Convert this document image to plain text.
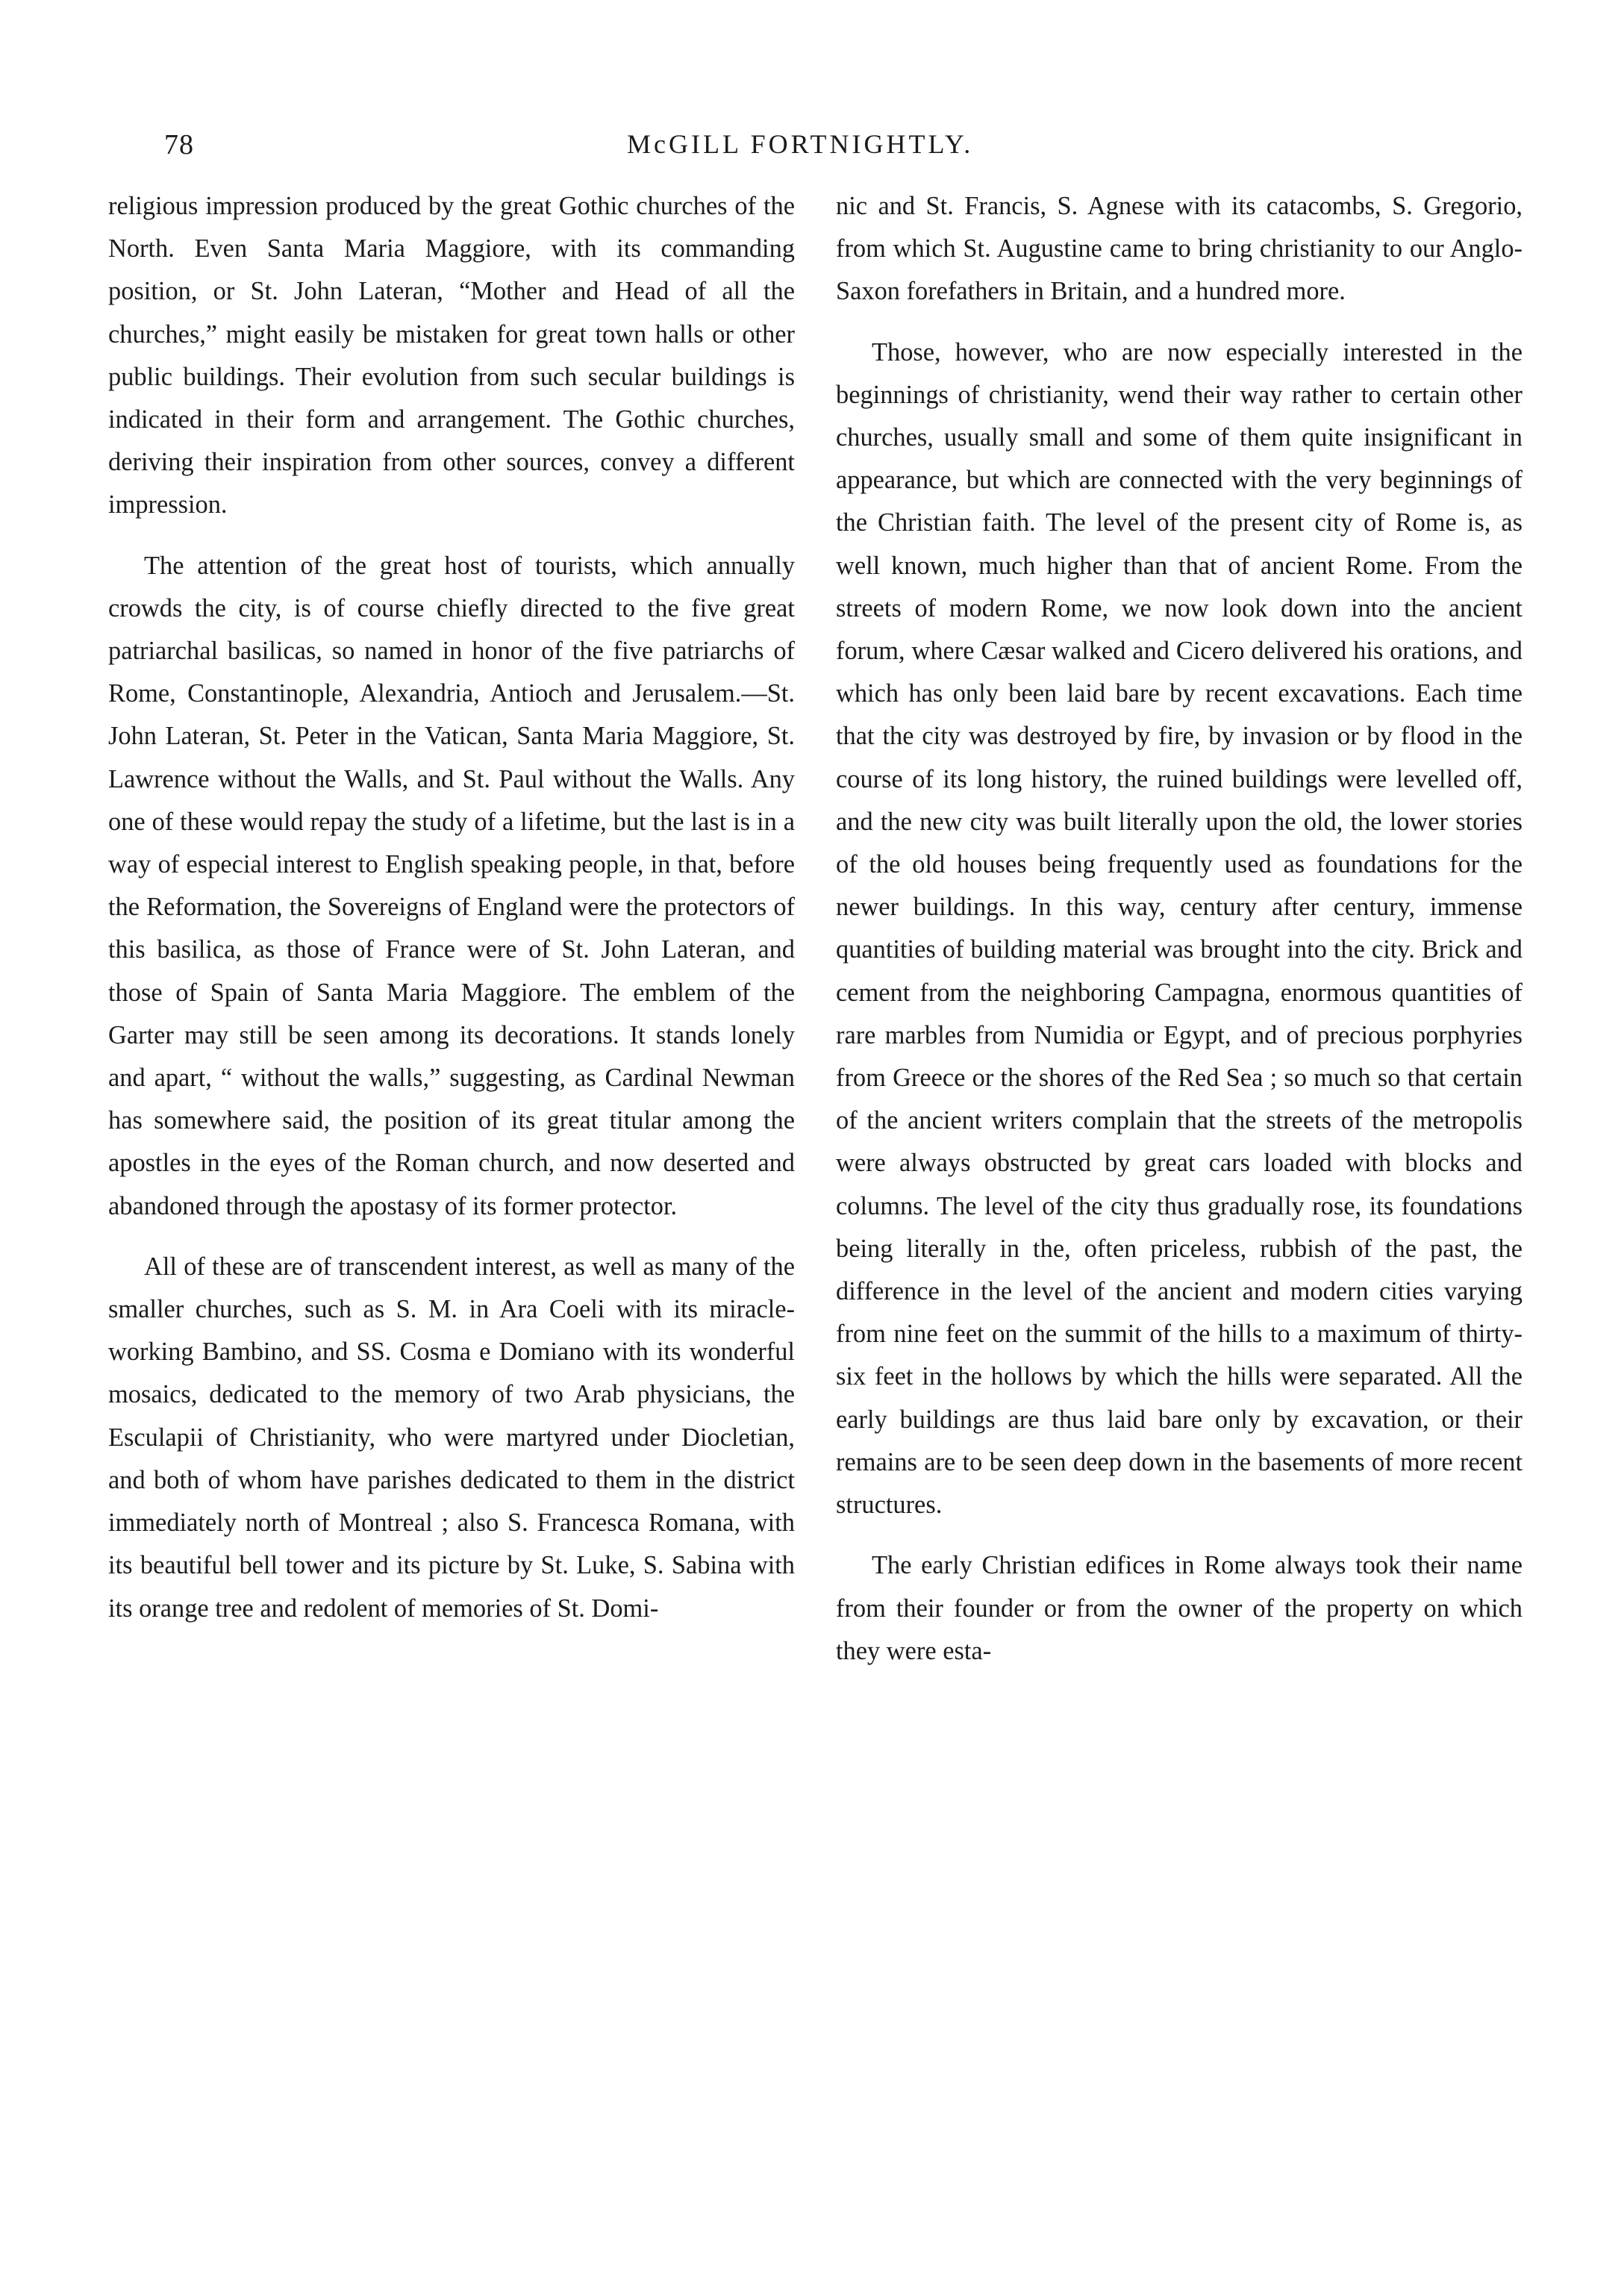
78	McGILL FORTNIGHTLY.

religious impression produced by the great Gothic churches of the North. Even Santa Maria Maggiore, with its commanding position, or St. John Lateran, “Mother and Head of all the churches,” might easily be mistaken for great town halls or other public buildings. Their evolution from such secular buildings is indicated in their form and arrangement. The Gothic churches, deriving their inspiration from other sources, convey a different impression.

The attention of the great host of tourists, which annually crowds the city, is of course chiefly directed to the five great patriarchal basilicas, so named in honor of the five patriarchs of Rome, Constantinople, Alexandria, Antioch and Jerusalem.—St. John Lateran, St. Peter in the Vatican, Santa Maria Maggiore, St. Lawrence without the Walls, and St. Paul without the Walls. Any one of these would repay the study of a lifetime, but the last is in a way of especial interest to English speaking people, in that, before the Reformation, the Sovereigns of England were the protectors of this basilica, as those of France were of St. John Lateran, and those of Spain of Santa Maria Maggiore. The emblem of the Garter may still be seen among its decorations. It stands lonely and apart, “ without the walls,” suggesting, as Cardinal Newman has somewhere said, the position of its great titular among the apostles in the eyes of the Roman church, and now deserted and abandoned through the apostasy of its former protector.

All of these are of transcendent interest, as well as many of the smaller churches, such as S. M. in Ara Coeli with its miracle-working Bambino, and SS. Cosma e Domiano with its wonderful mosaics, dedicated to the memory of two Arab physicians, the Esculapii of Christianity, who were martyred under Diocletian, and both of whom have parishes dedicated to them in the district immediately north of Montreal ; also S. Francesca Romana, with its beautiful bell tower and its picture by St. Luke, S. Sabina with its orange tree and redolent of memories of St. Domi-

nic and St. Francis, S. Agnese with its catacombs, S. Gregorio, from which St. Augustine came to bring christianity to our Anglo-Saxon forefathers in Britain, and a hundred more.

Those, however, who are now especially interested in the beginnings of christianity, wend their way rather to certain other churches, usually small and some of them quite insignificant in appearance, but which are connected with the very beginnings of the Christian faith. The level of the present city of Rome is, as well known, much higher than that of ancient Rome. From the streets of modern Rome, we now look down into the ancient forum, where Cæsar walked and Cicero delivered his orations, and which has only been laid bare by recent excavations. Each time that the city was destroyed by fire, by invasion or by flood in the course of its long history, the ruined buildings were levelled off, and the new city was built literally upon the old, the lower stories of the old houses being frequently used as foundations for the newer buildings. In this way, century after century, immense quantities of building material was brought into the city. Brick and cement from the neighboring Campagna, enormous quantities of rare marbles from Numidia or Egypt, and of precious porphyries from Greece or the shores of the Red Sea ; so much so that certain of the ancient writers complain that the streets of the metropolis were always obstructed by great cars loaded with blocks and columns. The level of the city thus gradually rose, its foundations being literally in the, often priceless, rubbish of the past, the difference in the level of the ancient and modern cities varying from nine feet on the summit of the hills to a maximum of thirty-six feet in the hollows by which the hills were separated. All the early buildings are thus laid bare only by excavation, or their remains are to be seen deep down in the basements of more recent structures.

The early Christian edifices in Rome always took their name from their founder or from the owner of the property on which they were esta-
